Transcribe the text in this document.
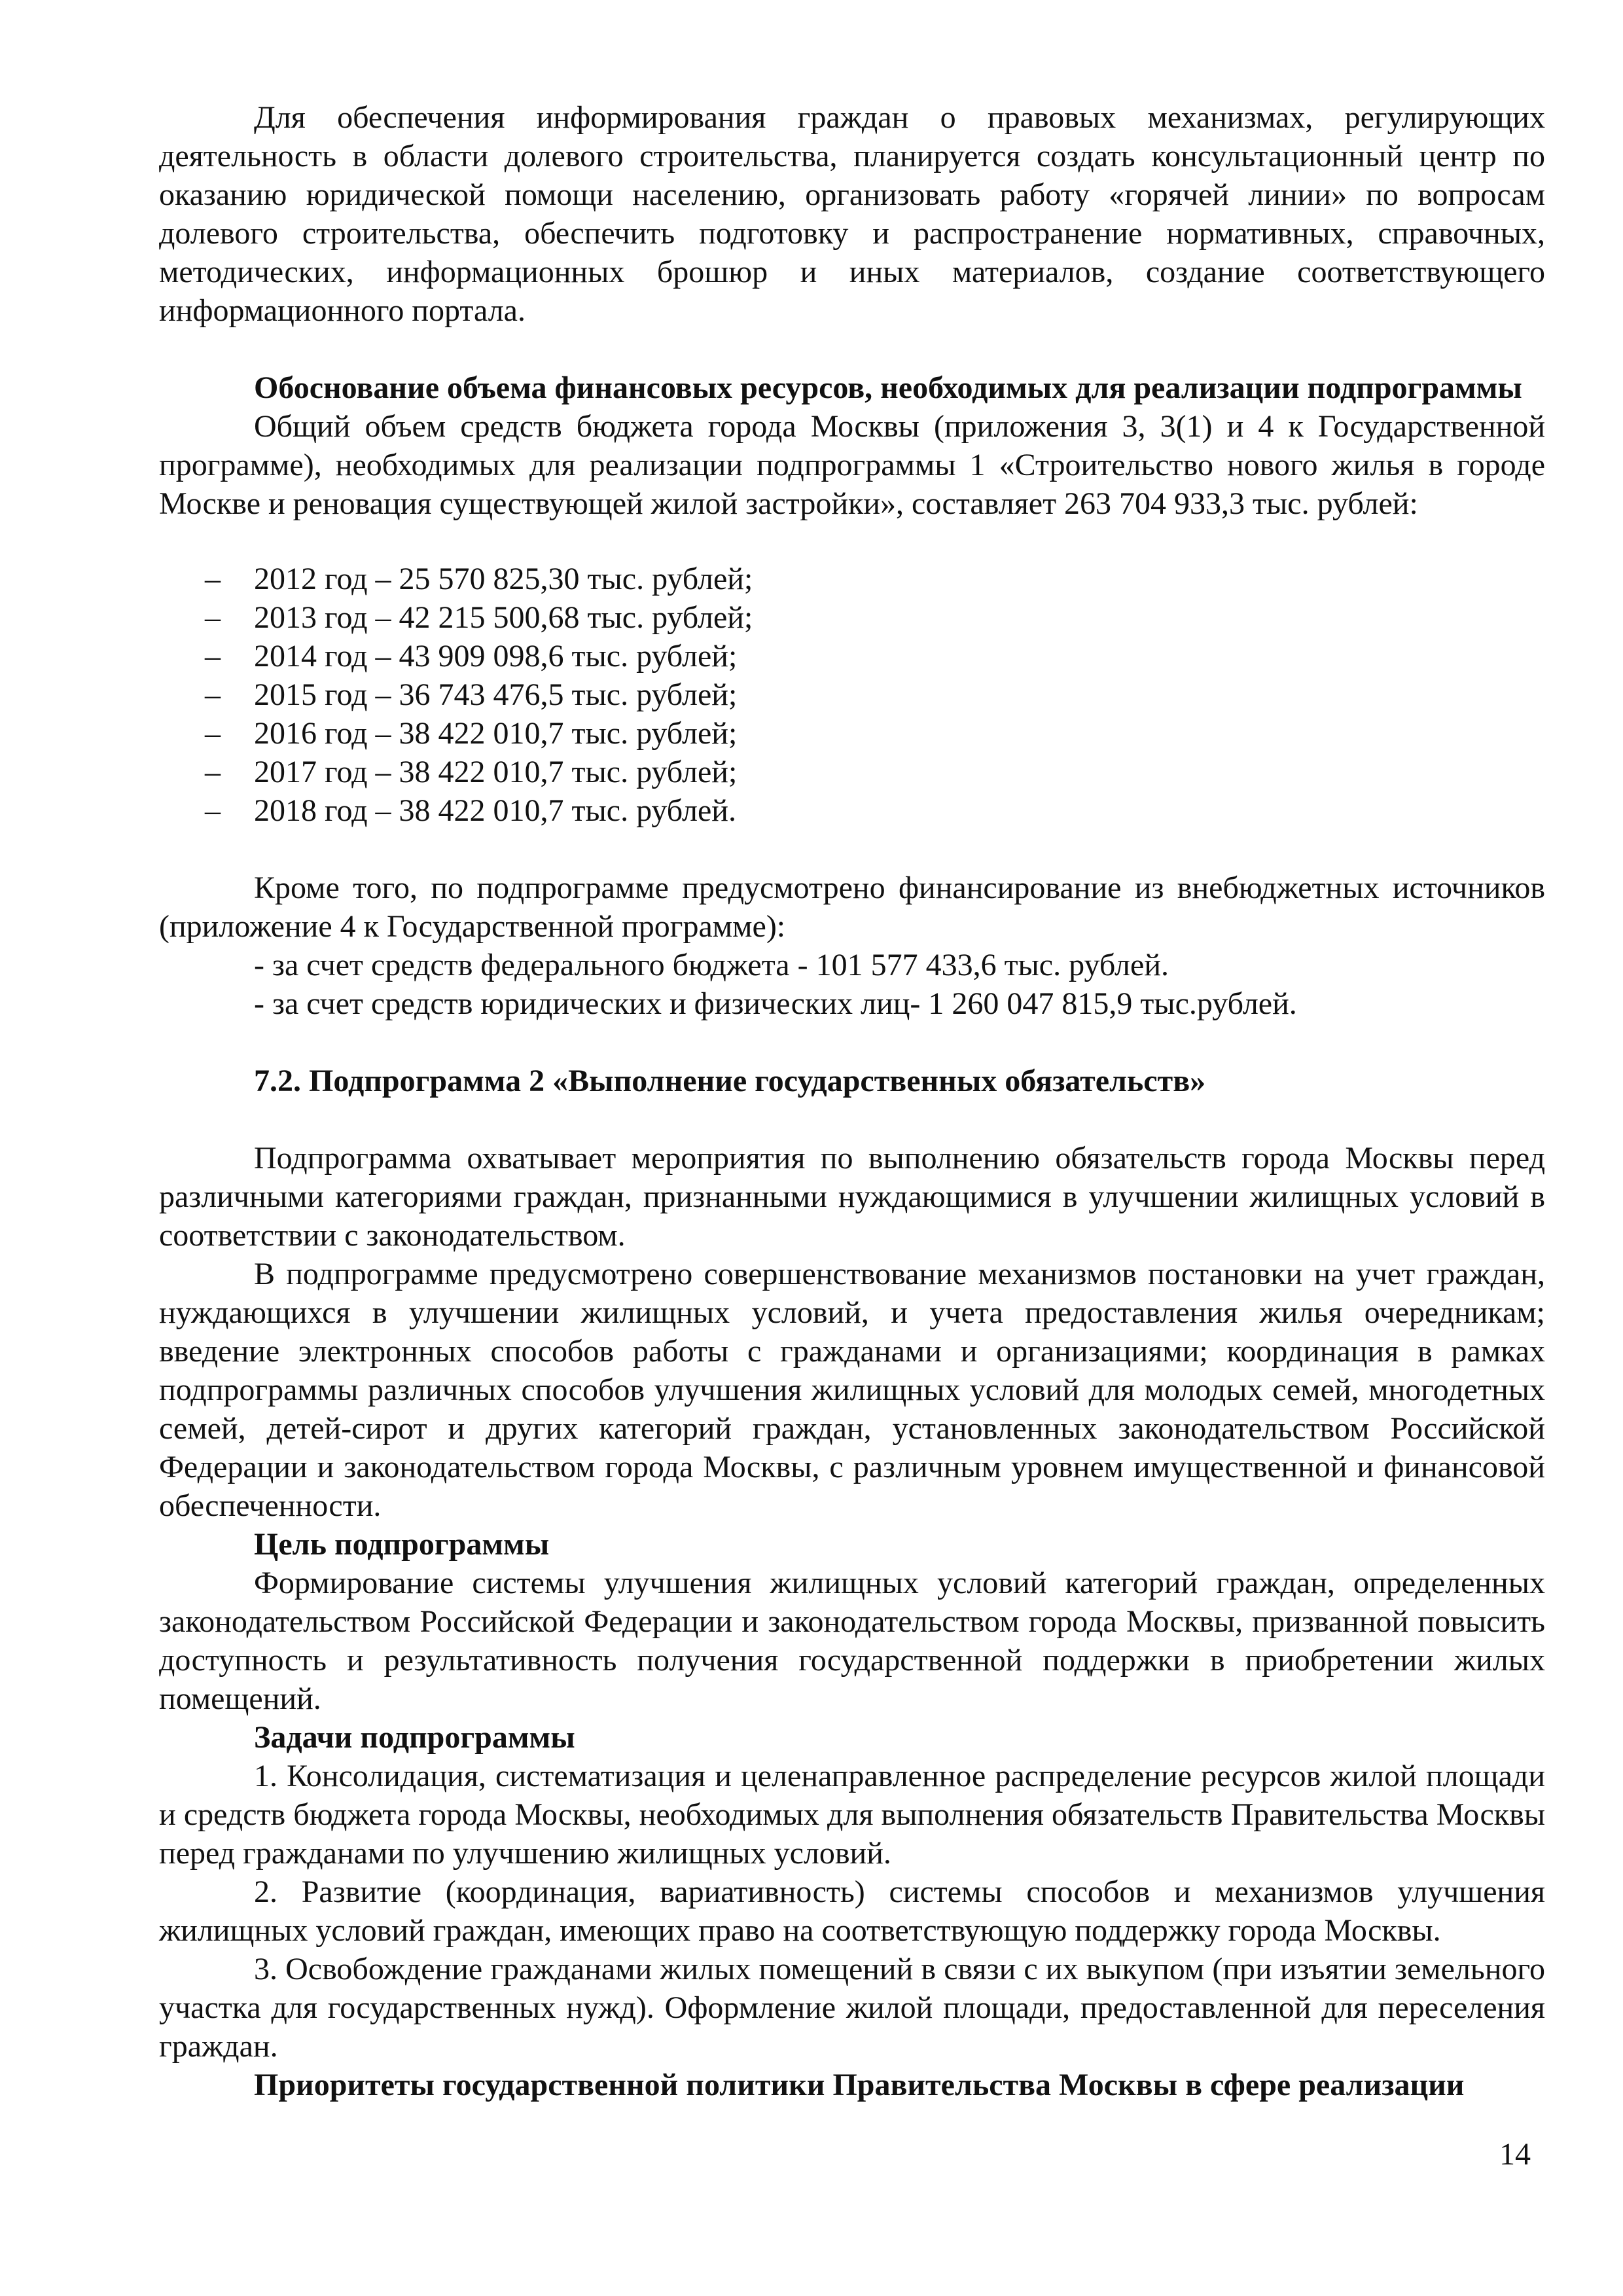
Для обеспечения информирования граждан о правовых механизмах, регулирующих деятельность в области долевого строительства, планируется создать консультационный центр по оказанию юридической помощи населению, организовать работу «горячей линии» по вопросам долевого строительства, обеспечить подготовку и распространение нормативных, справочных, методических, информационных брошюр и иных материалов, создание соответствующего информационного портала.

Обоснование объема финансовых ресурсов, необходимых для реализации подпрограммы

Общий объем средств бюджета города Москвы (приложения 3, 3(1) и 4 к Государственной программе), необходимых для реализации подпрограммы 1 «Строительство нового жилья в городе Москве и реновация существующей жилой застройки», составляет 263 704 933,3 тыс. рублей:

– 2012 год – 25 570 825,30 тыс. рублей;
– 2013 год – 42 215 500,68 тыс. рублей;
– 2014 год – 43 909 098,6 тыс. рублей;
– 2015 год – 36 743 476,5 тыс. рублей;
– 2016 год – 38 422 010,7 тыс. рублей;
– 2017 год – 38 422 010,7 тыс. рублей;
– 2018 год – 38 422 010,7 тыс. рублей.

Кроме того, по подпрограмме предусмотрено финансирование из внебюджетных источников (приложение 4 к Государственной программе):

- за счет средств федерального бюджета - 101 577 433,6 тыс. рублей.

- за счет средств юридических и физических лиц- 1 260 047 815,9 тыс.рублей.

7.2. Подпрограмма 2 «Выполнение государственных обязательств»

Подпрограмма охватывает мероприятия по выполнению обязательств города Москвы перед различными категориями граждан, признанными нуждающимися в улучшении жилищных условий в соответствии с законодательством.

В подпрограмме предусмотрено совершенствование механизмов постановки на учет граждан, нуждающихся в улучшении жилищных условий, и учета предоставления жилья очередникам; введение электронных способов работы с гражданами и организациями; координация в рамках подпрограммы различных способов улучшения жилищных условий для молодых семей, многодетных семей, детей-сирот и других категорий граждан, установленных законодательством Российской Федерации и законодательством города Москвы, с различным уровнем имущественной и финансовой обеспеченности.

Цель подпрограммы

Формирование системы улучшения жилищных условий категорий граждан, определенных законодательством Российской Федерации и законодательством города Москвы, призванной повысить доступность и результативность получения государственной поддержки в приобретении жилых помещений.

Задачи подпрограммы

1. Консолидация, систематизация и целенаправленное распределение ресурсов жилой площади и средств бюджета города Москвы, необходимых для выполнения обязательств Правительства Москвы перед гражданами по улучшению жилищных условий.

2. Развитие (координация, вариативность) системы способов и механизмов улучшения жилищных условий граждан, имеющих право на соответствующую поддержку города Москвы.

3. Освобождение гражданами жилых помещений в связи с их выкупом (при изъятии земельного участка для государственных нужд). Оформление жилой площади, предоставленной для переселения граждан.

Приоритеты государственной политики Правительства Москвы в сфере реализации

14
